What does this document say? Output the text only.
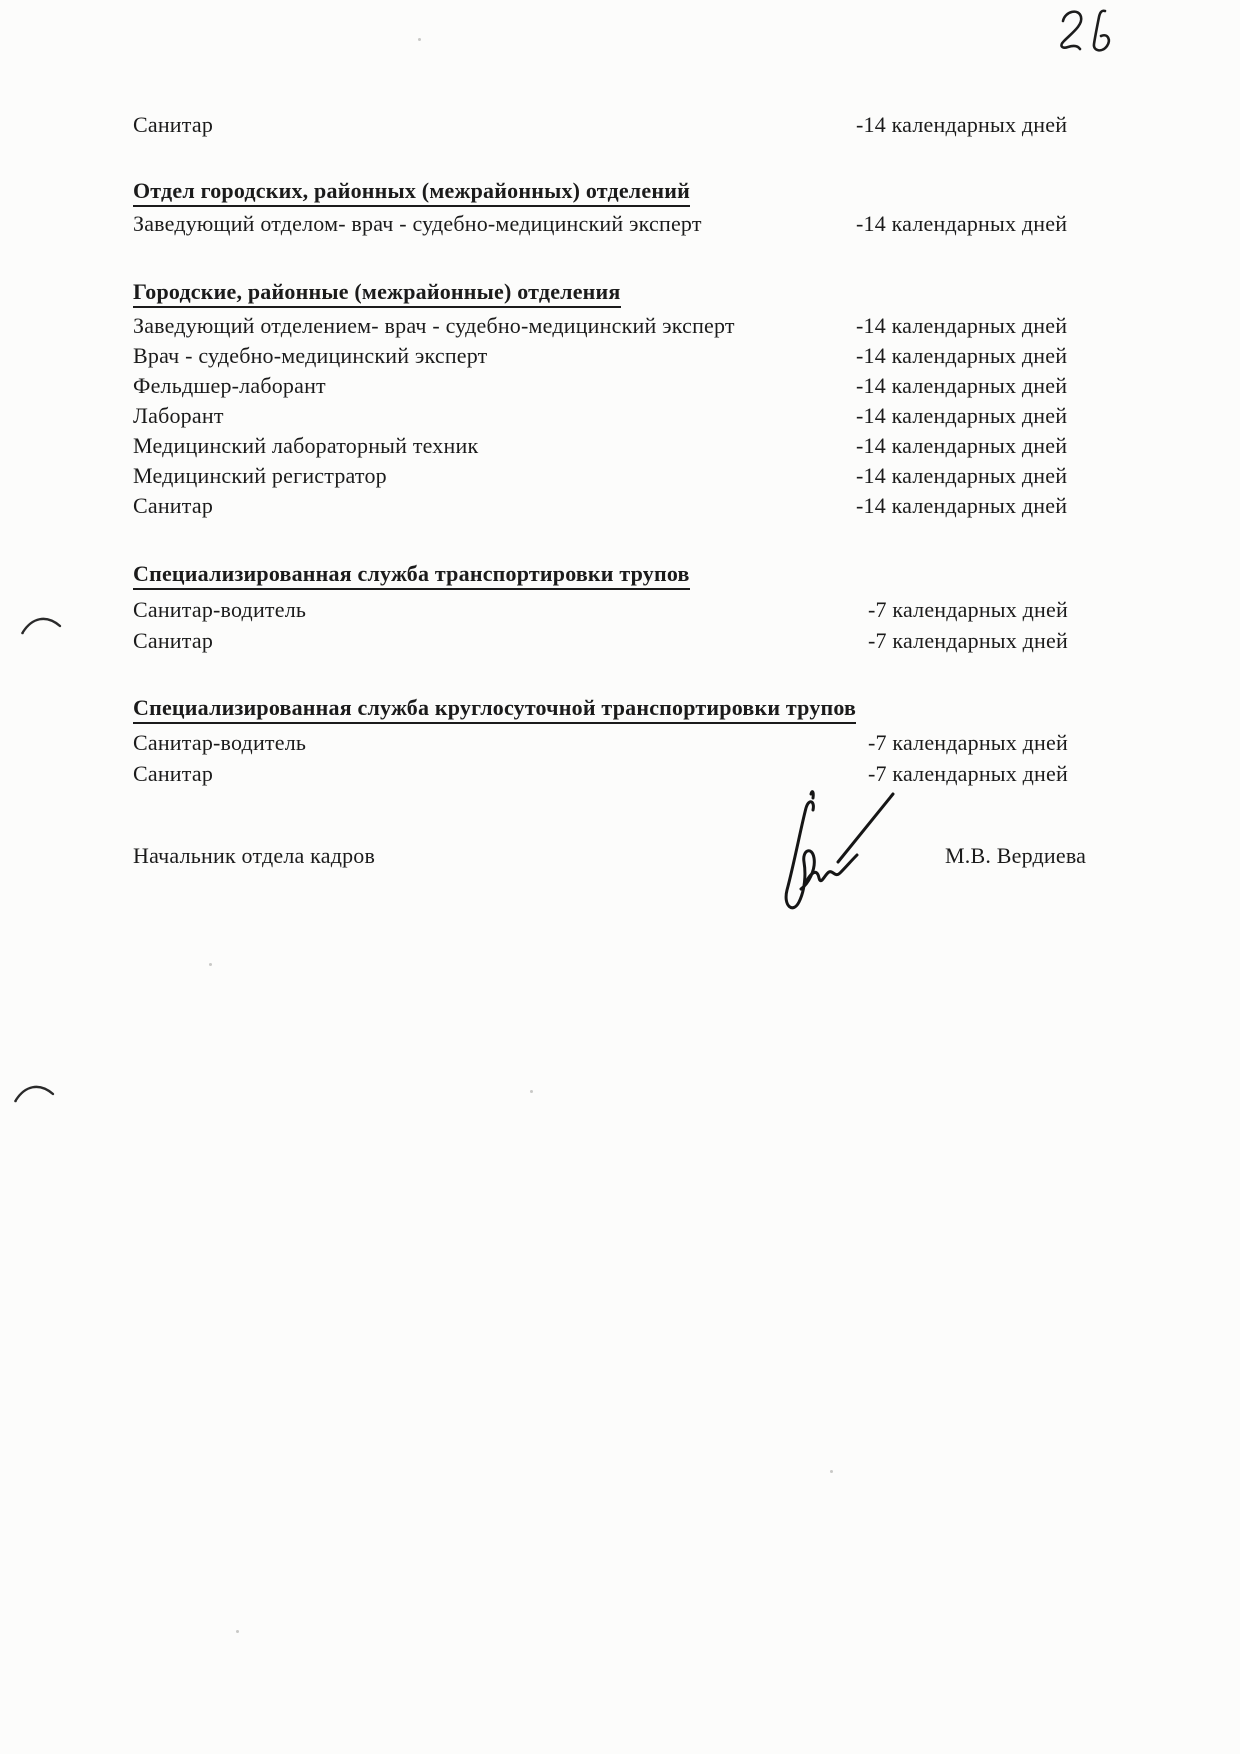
Санитар	-14 календарных дней
Отдел городских, районных (межрайонных) отделений
Заведующий отделом- врач - судебно-медицинский эксперт	-14 календарных дней
Городские, районные (межрайонные) отделения
Заведующий отделением- врач - судебно-медицинский эксперт	-14 календарных дней
Врач - судебно-медицинский эксперт	-14 календарных дней
Фельдшер-лаборант	-14 календарных дней
Лаборант	-14 календарных дней
Медицинский лабораторный техник	-14 календарных дней
Медицинский регистратор	-14 календарных дней
Санитар	-14 календарных дней
Специализированная служба транспортировки трупов
Санитар-водитель	-7 календарных дней
Санитар	-7 календарных дней
Специализированная служба круглосуточной транспортировки трупов
Санитар-водитель	-7 календарных дней
Санитар	-7 календарных дней
Начальник отдела кадров	М.В. Вердиева
